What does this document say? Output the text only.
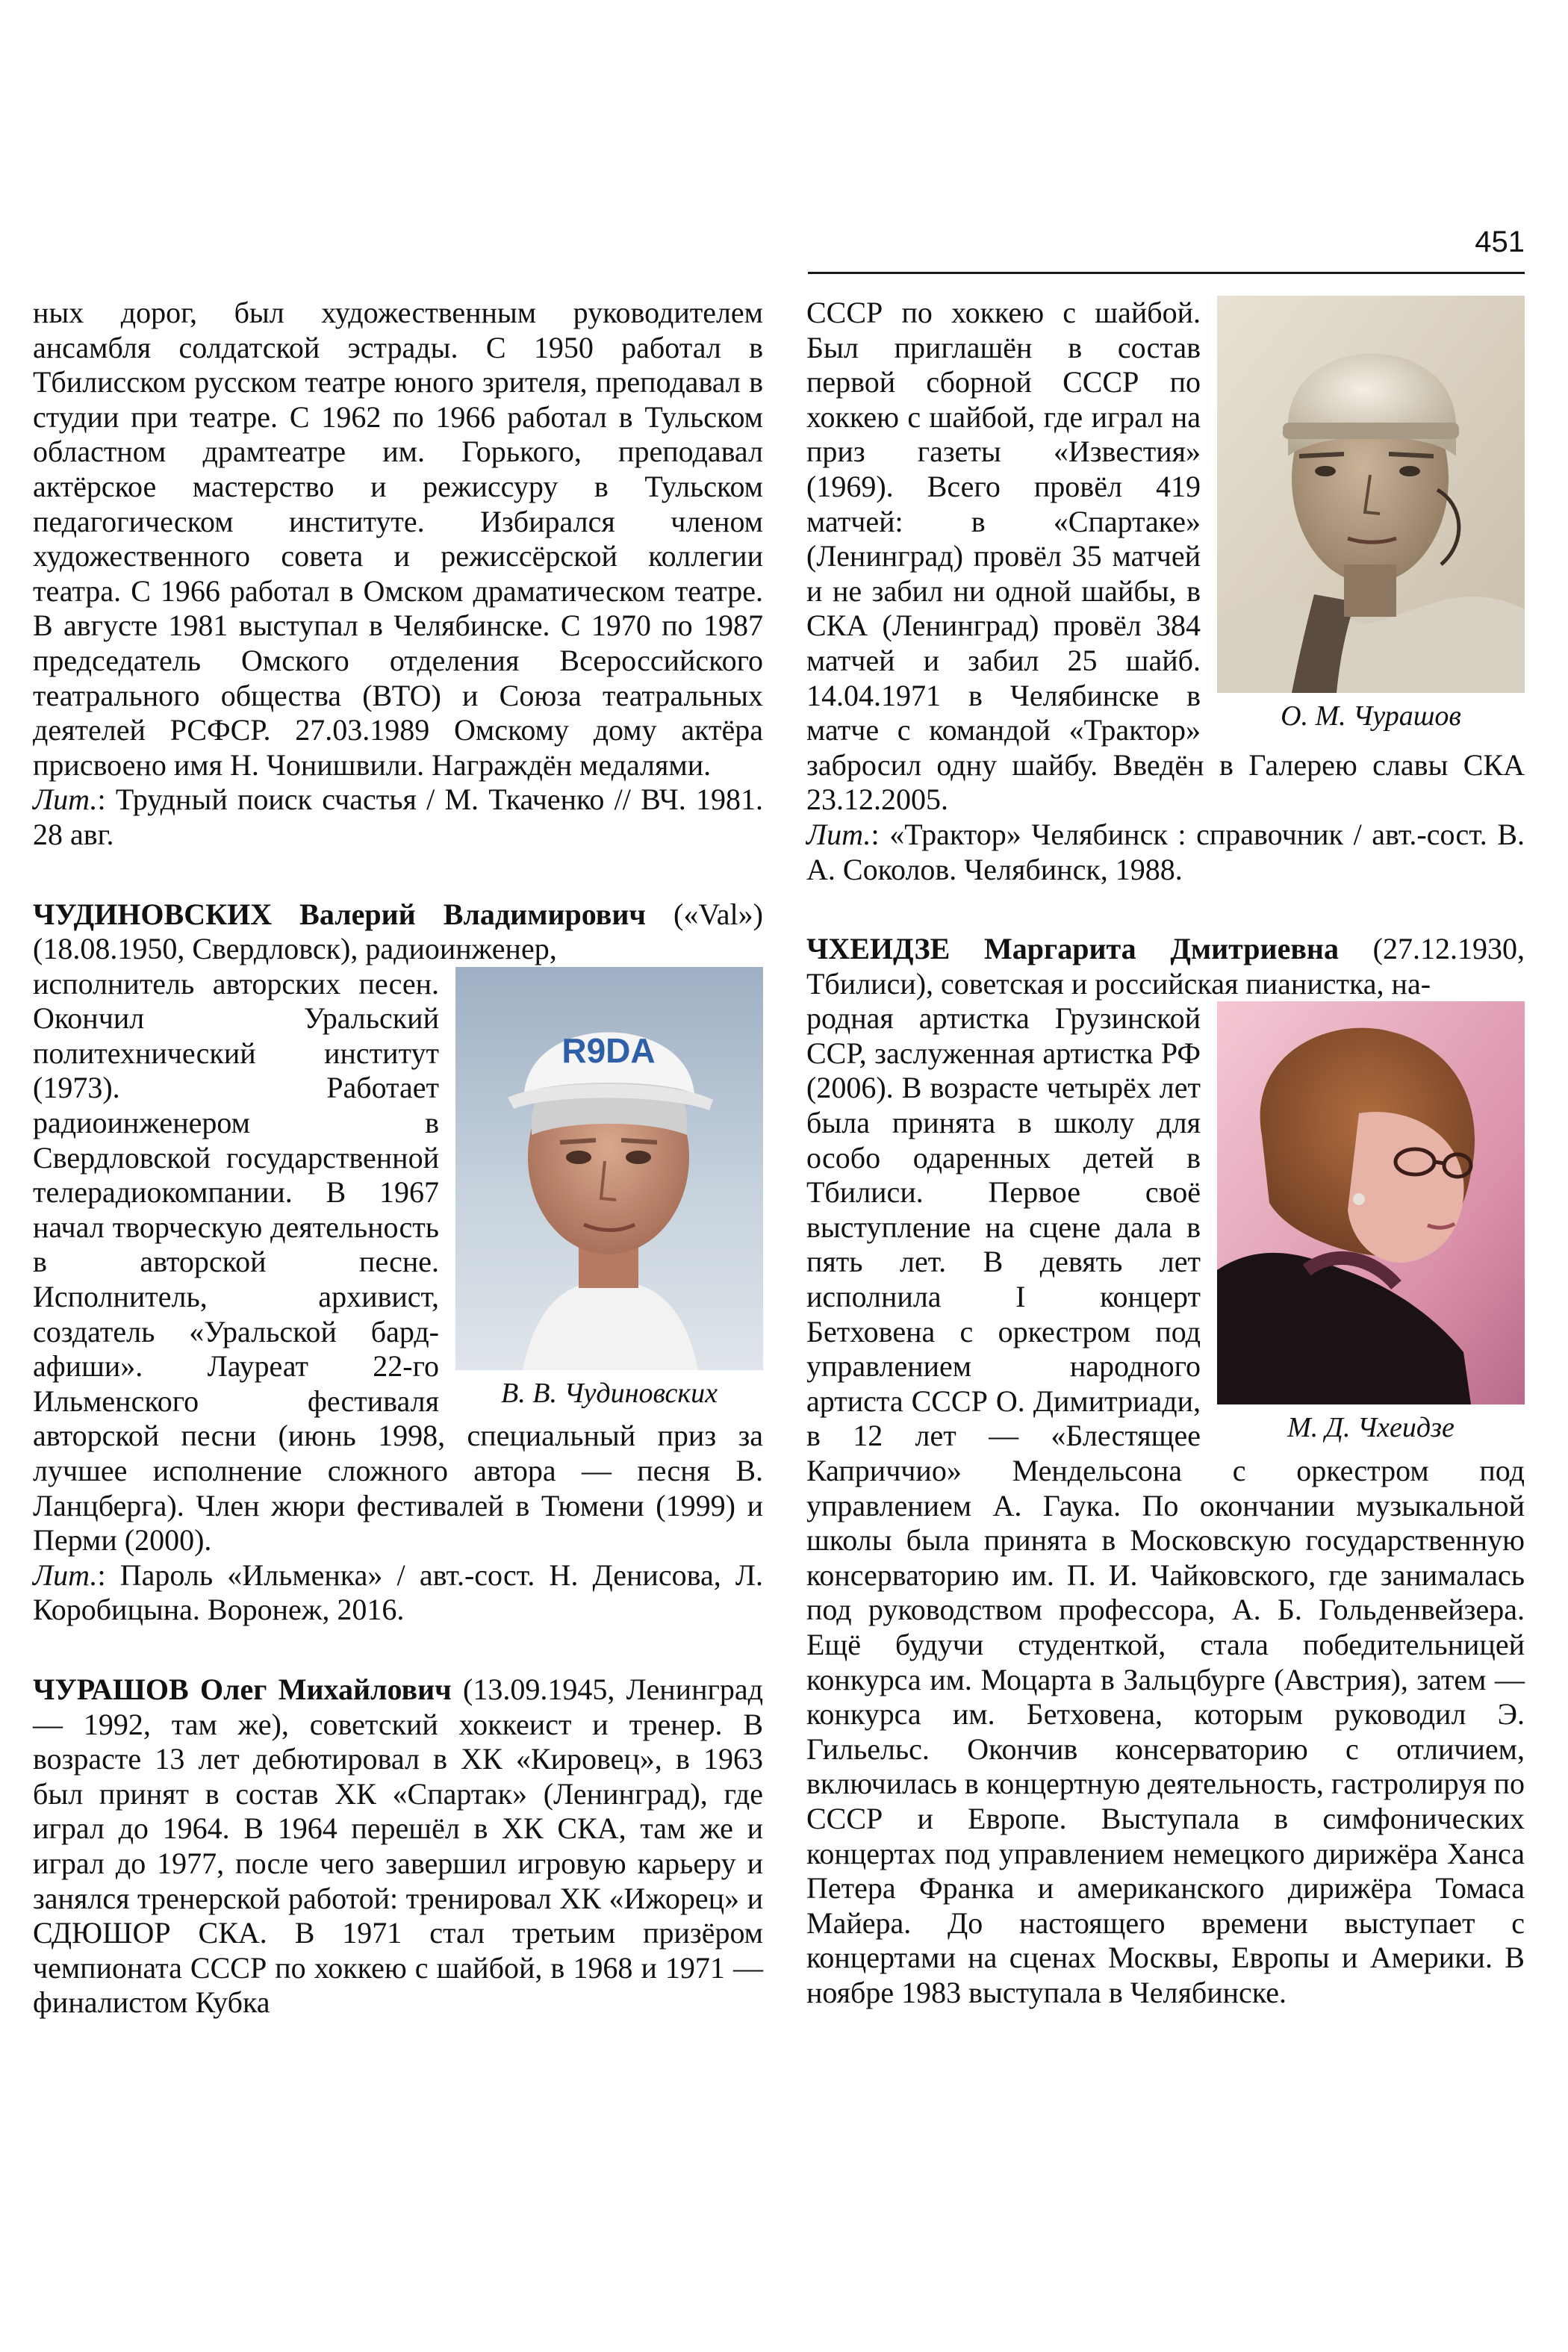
451

ных дорог, был художественным руководителем ансамбля солдатской эстрады. С 1950 работал в Тбилисском русском театре юного зрителя, преподавал в студии при театре. С 1962 по 1966 работал в Тульском областном драмтеатре им. Горького, преподавал актёрское мастерство и режиссуру в Тульском педагогическом институте. Избирался членом художественного совета и режиссёрской коллегии театра. С 1966 работал в Омском драматическом театре. В августе 1981 выступал в Челябинске. С 1970 по 1987 председатель Омского отделения Всероссийского театрального общества (ВТО) и Союза театральных деятелей РСФСР. 27.03.1989 Омскому дому актёра присвоено имя Н. Чонишвили. Награждён медалями.

Лит.: Трудный поиск счастья / М. Ткаченко // ВЧ. 1981. 28 авг.

ЧУДИНОВСКИХ Валерий Владимирович («Val») (18.08.1950, Свердловск), радиоинженер,

R9DA
В. В. Чудиновских

исполнитель авторских песен. Окончил Уральский политехнический институт (1973). Работает радиоинженером в Свердловской государственной телерадиокомпании. В 1967 начал творческую деятельность в авторской песне. Исполнитель, архивист, создатель «Уральской бард-афиши». Лауреат 22-го Ильменского фестиваля авторской песни (июнь 1998, специальный приз за лучшее исполнение сложного автора — песня В. Ланцберга). Член жюри фестивалей в Тюмени (1999) и Перми (2000).

Лит.: Пароль «Ильменка» / авт.-сост. Н. Денисова, Л. Коробицына. Воронеж, 2016.

ЧУРАШОВ Олег Михайлович (13.09.1945, Ленинград — 1992, там же), советский хоккеист и тренер. В возрасте 13 лет дебютировал в ХК «Кировец», в 1963 был принят в состав ХК «Спартак» (Ленинград), где играл до 1964. В 1964 перешёл в ХК СКА, там же и играл до 1977, после чего завершил игровую карьеру и занялся тренерской работой: тренировал ХК «Ижорец» и СДЮШОР СКА. В 1971 стал третьим призёром чемпионата СССР по хоккею с шайбой, в 1968 и 1971 — финалистом Кубка

О. М. Чурашов

СССР по хоккею с шайбой. Был приглашён в состав первой сборной СССР по хоккею с шайбой, где играл на приз газеты «Известия» (1969). Всего провёл 419 матчей: в «Спартаке» (Ленинград) провёл 35 матчей и не забил ни одной шайбы, в СКА (Ленинград) провёл 384 матчей и забил 25 шайб. 14.04.1971 в Челябинске в матче с командой «Трактор» забросил одну шайбу. Введён в Галерею славы СКА 23.12.2005.

Лит.: «Трактор» Челябинск : справочник / авт.-сост. В. А. Соколов. Челябинск, 1988.

ЧХЕИДЗЕ Маргарита Дмитриевна (27.12.1930, Тбилиси), советская и российская пианистка, на-

М. Д. Чхеидзе

родная артистка Грузинской ССР, заслуженная артистка РФ (2006). В возрасте четырёх лет была принята в школу для особо одаренных детей в Тбилиси. Первое своё выступление на сцене дала в пять лет. В девять лет исполнила I концерт Бетховена с оркестром под управлением народного артиста СССР О. Димитриади, в 12 лет — «Блестящее Каприччио» Мендельсона с оркестром под управлением А. Гаука. По окончании музыкальной школы была принята в Московскую государственную консерваторию им. П. И. Чайковского, где занималась под руководством профессора, А. Б. Гольденвейзера. Ещё будучи студенткой, стала победительницей конкурса им. Моцарта в Зальцбурге (Австрия), затем — конкурса им. Бетховена, которым руководил Э. Гильельс. Окончив консерваторию с отличием, включилась в концертную деятельность, гастролируя по СССР и Европе. Выступала в симфонических концертах под управлением немецкого дирижёра Ханса Петера Франка и американского дирижёра Томаса Майера. До настоящего времени выступает с концертами на сценах Москвы, Европы и Америки. В ноябре 1983 выступала в Челябинске.
